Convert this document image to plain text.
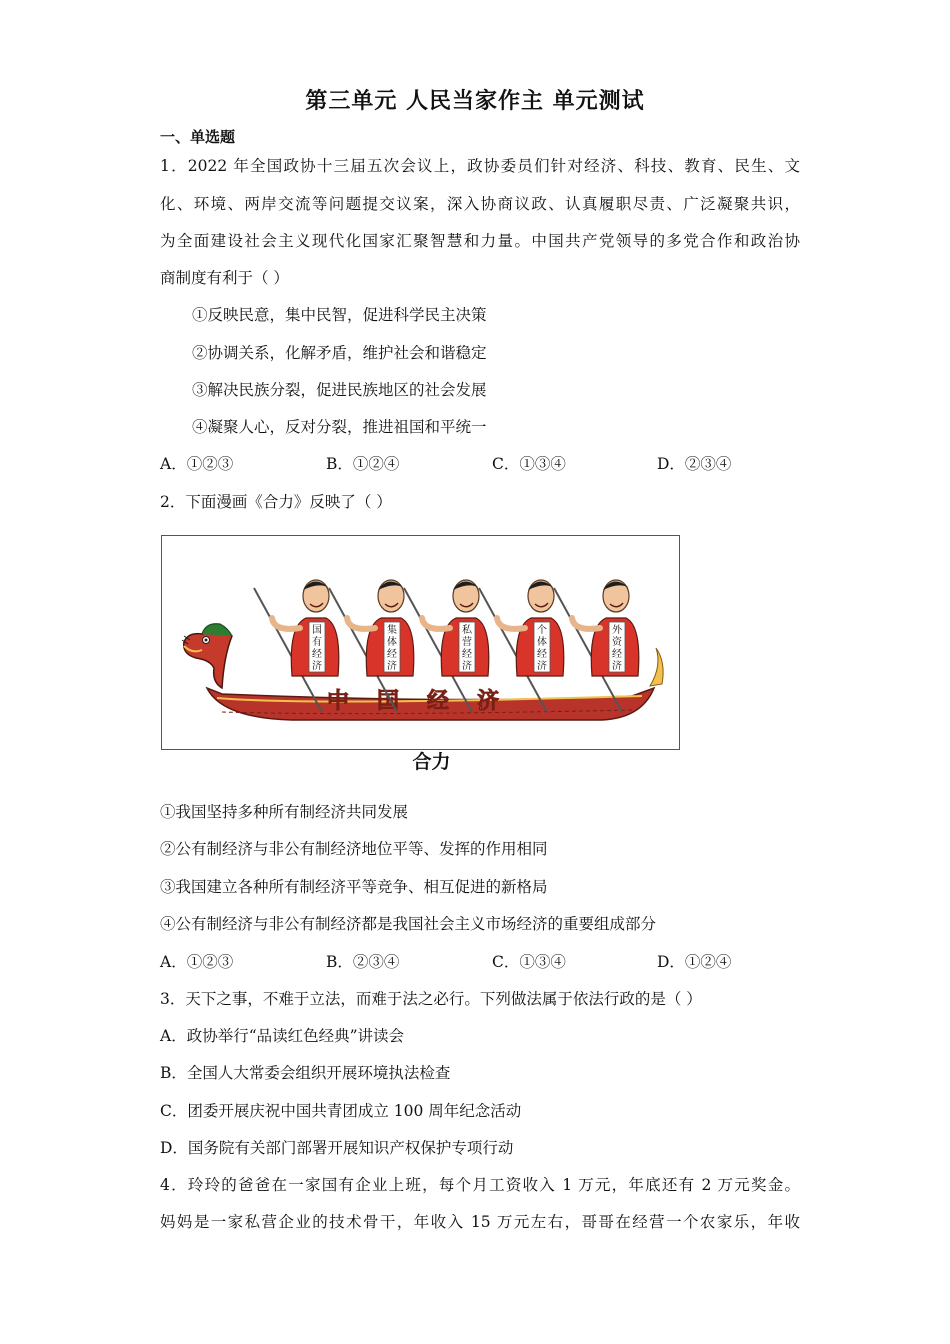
第三单元 人民当家作主 单元测试
一、单选题
1．2022 年全国政协十三届五次会议上，政协委员们针对经济、科技、教育、民生、文
化、环境、两岸交流等问题提交议案，深入协商议政、认真履职尽责、广泛凝聚共识，
为全面建设社会主义现代化国家汇聚智慧和力量。中国共产党领导的多党合作和政治协
商制度有利于（ ）
①反映民意，集中民智，促进科学民主决策
②协调关系，化解矛盾，维护社会和谐稳定
③解决民族分裂，促进民族地区的社会发展
④凝聚人心，反对分裂，推进祖国和平统一
A．①②③	B．①②④	C．①③④	D．②③④
2．下面漫画《合力》反映了（ ）
中国经济
国
有
经
济
集
体
经
济
私
营
经
济
个
体
经
济
外
资
经
济
合力
①我国坚持多种所有制经济共同发展
②公有制经济与非公有制经济地位平等、发挥的作用相同
③我国建立各种所有制经济平等竞争、相互促进的新格局
④公有制经济与非公有制经济都是我国社会主义市场经济的重要组成部分
A．①②③	B．②③④	C．①③④	D．①②④
3．天下之事，不难于立法，而难于法之必行。下列做法属于依法行政的是（ ）
A．政协举行“品读红色经典”讲读会
B．全国人大常委会组织开展环境执法检查
C．团委开展庆祝中国共青团成立 100 周年纪念活动
D．国务院有关部门部署开展知识产权保护专项行动
4．玲玲的爸爸在一家国有企业上班，每个月工资收入 1 万元，年底还有 2 万元奖金。
妈妈是一家私营企业的技术骨干，年收入 15 万元左右，哥哥在经营一个农家乐，年收
